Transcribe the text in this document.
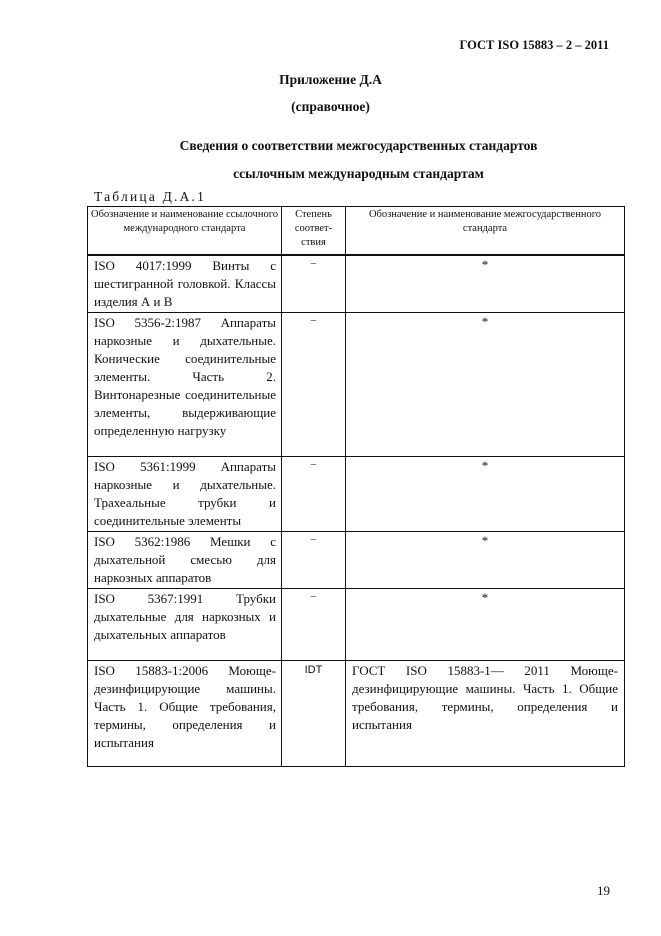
ГОСТ ISO 15883 – 2 – 2011
Приложение Д.А
(справочное)
Сведения о соответствии межгосударственных стандартов
ссылочным международным стандартам
Таблица Д.А.1
Обозначение и наименование ссылочного международного стандарта	Степень соответ-ствия	Обозначение и наименование межгосударственного стандарта
ISO 4017:1999 Винты с шестигранной головкой. Классы изделия А и В	–	*
ISO 5356-2:1987 Аппараты наркозные и дыхательные. Конические соединительные элементы. Часть 2. Винтонарезные соединительные элементы, выдерживающие определенную нагрузку	–	*
ISO 5361:1999 Аппараты наркозные и дыхательные. Трахеальные трубки и соединительные элементы	–	*
ISO 5362:1986 Мешки с дыхательной смесью для наркозных аппаратов	–	*
ISO 5367:1991 Трубки дыхательные для наркозных и дыхательных аппаратов	–	*
ISO 15883-1:2006 Моюще-дезинфицирующие машины. Часть 1. Общие требования, термины, определения и испытания	IDT	ГОСТ ISO 15883-1— 2011 Моюще-дезинфицирующие машины. Часть 1. Общие требования, термины, определения и испытания
19
